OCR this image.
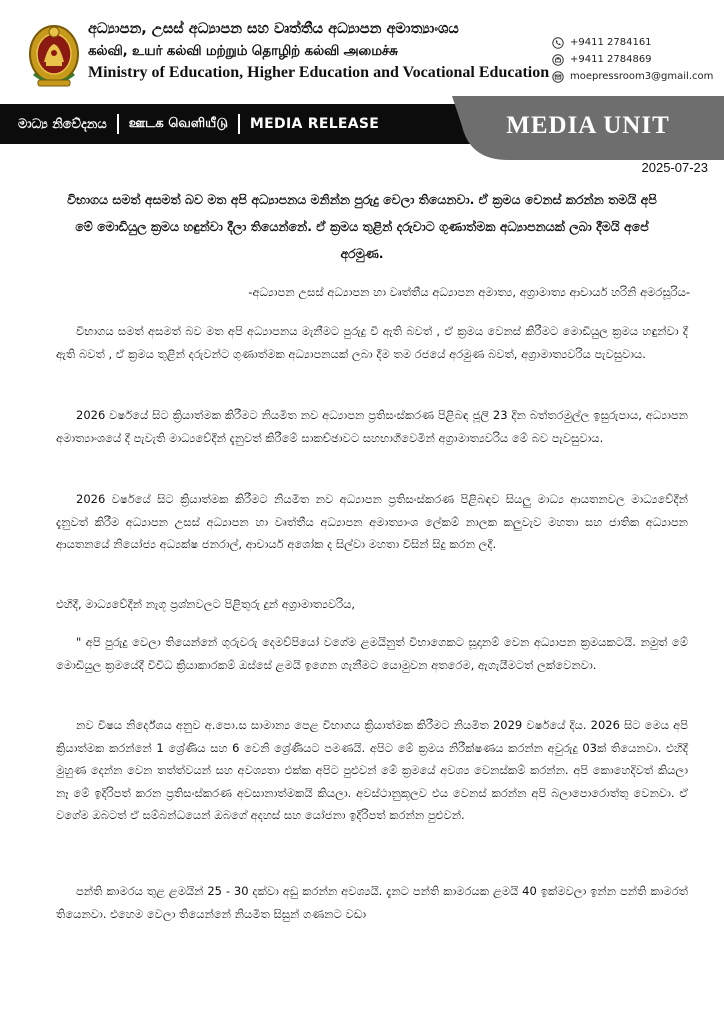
අධ්‍යාපන, උසස් අධ්‍යාපන සහ වෘත්තීය අධ්‍යාපන අමාත්‍යාංශය
கல்வி, உயர் கல்வி மற்றும் தொழிற் கல்வி அமைச்சு
Ministry of Education, Higher Education and Vocational Education
+9411 2784161
+9411 2784869
moepressroom3@gmail.com
මාධ්‍ය නිවේදනය ஊடக வெளியீடு MEDIA RELEASE	MEDIA UNIT
2025-07-23
විභාගය සමත් අසමත් බව මත අපි අධ්‍යාපනය මනින්න පුරුදු වෙලා තියෙනවා. ඒ ක්‍රමය වෙනස් කරන්න තමයි අපි මේ මොඩියුල ක්‍රමය හඳුන්වා දීලා තියෙන්නේ. ඒ ක්‍රමය තුළින් දරුවාට ගුණාත්මක අධ්‍යාපනයක් ලබා දීමයි අපේ අරමුණ.
-අධ්‍යාපන උසස් අධ්‍යාපන හා වෘත්තීය අධ්‍යාපන අමාත්‍ය, අග්‍රාමාත්‍ය ආචාර්ය හරිනි අමරසූරිය-
විභාගය සමත් අසමත් බව මත අපි අධ්‍යාපනය මැනීමට පුරුදු වී ඇති බවත් , ඒ ක්‍රමය වෙනස් කිරීමට මොඩියුල ක්‍රමය හඳුන්වා දී ඇති බවත් , ඒ ක්‍රමය තුළින් දරුවන්ට ගුණාත්මක අධ්‍යාපනයක් ලබා දීම තම රජයේ අරමුණ බවත්, අග්‍රාමාත්‍යවරිය පැවසුවාය.
2026 වර්ෂයේ සිට ක්‍රියාත්මක කිරීමට නියමිත නව අධ්‍යාපන ප්‍රතිසංස්කරණ පිළිබඳ ජූලි 23 දින බත්තරමුල්ල ඉසුරුපාය, අධ්‍යාපන අමාත්‍යාංශයේ දී පැවැති මාධ්‍යවේදීන් දැනුවත් කිරීමේ සාකච්ඡාවට සහභාගීවෙමින් අග්‍රාමාත්‍යවරිය මේ බව පැවසුවාය.
2026 වර්ෂයේ සිට ක්‍රියාත්මක කිරීමට නියමිත නව අධ්‍යාපන ප්‍රතිසංස්කරණ පිළිබඳව සියලු මාධ්‍ය ආයතනවල මාධ්‍යවේදීන් දැනුවත් කිරීම අධ්‍යාපන උසස් අධ්‍යාපන හා වෘත්තීය අධ්‍යාපන අමාත්‍යාංශ ලේකම් නාලක කලුවැව මහතා සහ ජාතික අධ්‍යාපන ආයතනයේ නියෝජ්‍ය අධ්‍යක්ෂ ජනරාල්, ආචාර්ය අශෝක ද සිල්වා මහතා විසින් සිදු කරන ලදී.
එහිදී, මාධ්‍යවේදීන් නැගූ ප්‍රශ්නවලට පිළිතුරු දුන් අග්‍රාමාත්‍යවරිය,
" අපි පුරුදු වෙලා තියෙන්නේ ගුරුවරු දෙමව්පියෝ වගේම ළමයිනුත් විභාගෙකට සූදානම් වෙන අධ්‍යාපන ක්‍රමයකටයි. නමුත් මේ මොඩියුල ක්‍රමයේදී විවිධ ක්‍රියාකාරකම් ඔස්සේ ළමයි ඉගෙන ගැනීමට යොමුවන අතරෙම, ඇගැයීමටත් ලක්වෙනවා.
නව විෂය නිර්දේශය අනුව අ.පො.ස සාමාන්‍ය පෙළ විභාගය ක්‍රියාත්මක කිරීමට නියමිත 2029 වර්ෂයේ දිය. 2026 සිට මෙය අපි ක්‍රියාත්මක කරන්නේ 1 ශ්‍රේණිය සහ 6 වෙනි ශ්‍රේණියට පමණයි. අපිට මේ ක්‍රමය නිරීක්ෂණය කරන්න අවුරුදු 03ක් තියෙනවා. එහිදී මුහුණ දෙන්න වෙන තත්ත්වයන් සහ අවශ්‍යතා එක්ක අපිට පුළුවන් මේ ක්‍රමයේ අවශ්‍ය වෙනස්කම් කරන්න. අපි කොහෙදිවත් කියලා නෑ මේ ඉදිරිපත් කරන ප්‍රතිසංස්කරණ අවසානාත්මකයි කියලා. අවස්ථානුකූලව එය වෙනස් කරන්න අපි බලාපොරොත්තු වෙනවා. ඒ වගේම ඔබටත් ඒ සම්බන්ධයෙන් ඔබගේ අදහස් සහ යෝජනා ඉදිරිපත් කරන්න පුළුවන්.
පන්ති කාමරය තුළ ළමයින් 25 - 30 දක්වා අඩු කරන්න අවශ්‍යයි. දැනට පන්ති කාමරයක ළමයි 40 ඉක්මවලා ඉන්න පන්ති කාමරත් තියෙනවා. එහෙම වෙලා තියෙන්නේ නියමිත සිසුන් ගණනට වඩා
